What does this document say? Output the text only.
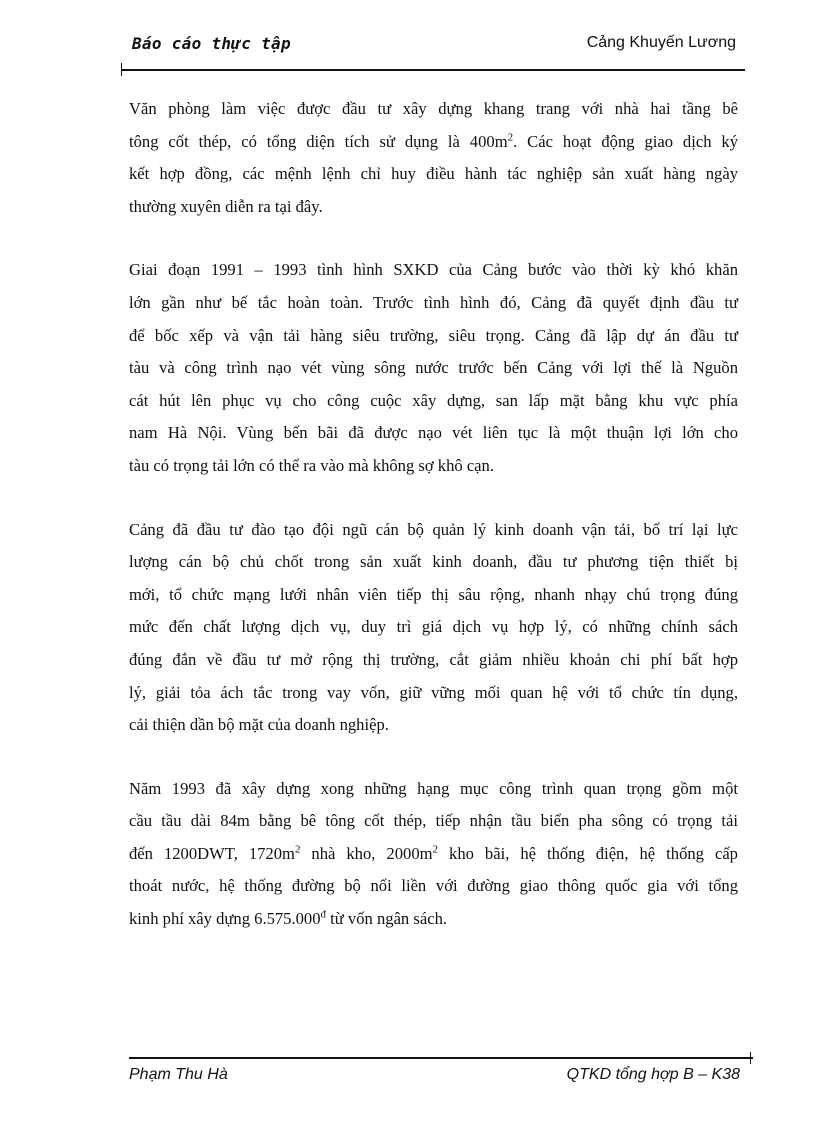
Báo cáo thực tập	Cảng Khuyến Lương

Văn phòng làm việc được đầu tư xây dựng khang trang với nhà hai tầng bê
tông cốt thép, có tổng diện tích sử dụng là $400m^2$. Các hoạt động giao dịch ký
kết hợp đồng, các mệnh lệnh chỉ huy điều hành tác nghiệp sản xuất hàng ngày
thường xuyên diễn ra tại đây.

Giai đoạn 1991 – 1993 tình hình SXKD của Cảng bước vào thời kỳ khó khăn
lớn gần như bế tắc hoàn toàn. Trước tình hình đó, Cảng đã quyết định đầu tư
để bốc xếp và vận tải hàng siêu trường, siêu trọng. Cảng đã lập dự án đầu tư
tàu và công trình nạo vét vùng sông nước trước bến Cảng với lợi thế là Nguồn
cát hút lên phục vụ cho công cuộc xây dựng, san lấp mặt bằng khu vực phía
nam Hà Nội. Vùng bến bãi đã được nạo vét liên tục là một thuận lợi lớn cho
tàu có trọng tải lớn có thể ra vào mà không sợ khô cạn.

Cảng đã đầu tư đào tạo đội ngũ cán bộ quản lý kinh doanh vận tải, bố trí lại lực
lượng cán bộ chủ chốt trong sản xuất kinh doanh, đầu tư phương tiện thiết bị
mới, tổ chức mạng lưới nhân viên tiếp thị sâu rộng, nhanh nhạy chú trọng đúng
mức đến chất lượng dịch vụ, duy trì giá dịch vụ hợp lý, có những chính sách
đúng đắn về đầu tư mở rộng thị trường, cắt giảm nhiều khoản chi phí bất hợp
lý, giải tỏa ách tắc trong vay vốn, giữ vững mối quan hệ với tổ chức tín dụng,
cải thiện dần bộ mặt của doanh nghiệp.

Năm 1993 đã xây dựng xong những hạng mục công trình quan trọng gồm một
cầu tầu dài 84m bằng bê tông cốt thép, tiếp nhận tầu biển pha sông có trọng tải
đến 1200DWT, $1720m^2$ nhà kho, $2000m^2$ kho bãi, hệ thống điện, hệ thống cấp
thoát nước, hệ thống đường bộ nối liền với đường giao thông quốc gia với tổng
kinh phí xây dựng $6.575.000^đ$ từ vốn ngân sách.

Phạm Thu Hà	QTKD tổng hợp B – K38
